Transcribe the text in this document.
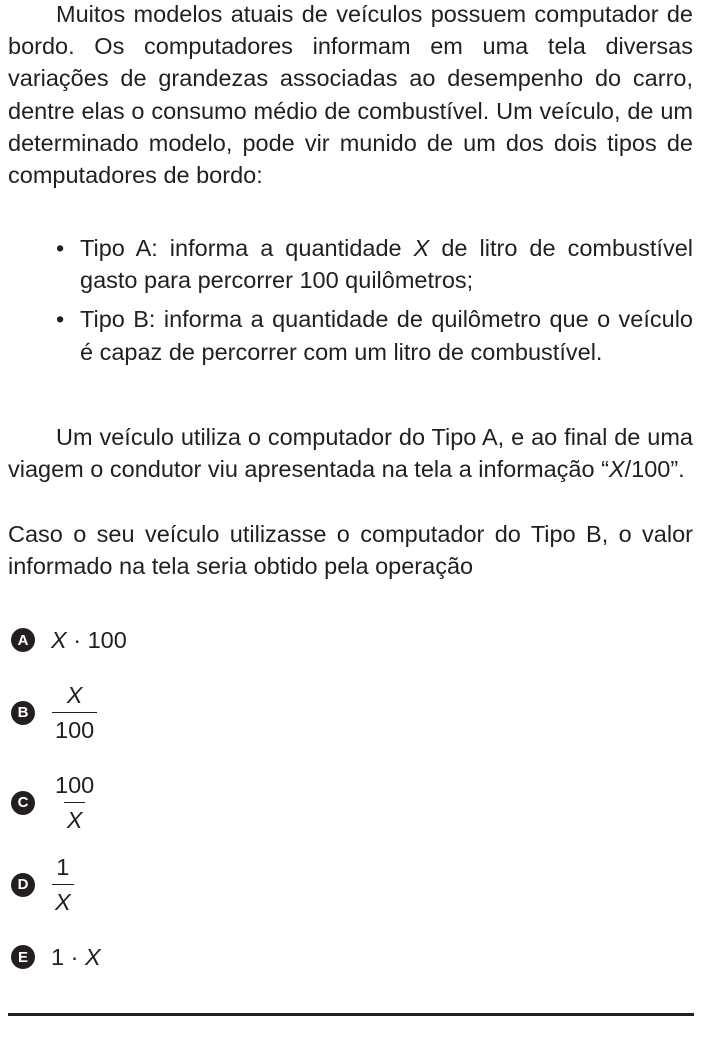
Muitos modelos atuais de veículos possuem computador de bordo. Os computadores informam em uma tela diversas variações de grandezas associadas ao desempenho do carro, dentre elas o consumo médio de combustível. Um veículo, de um determinado modelo, pode vir munido de um dos dois tipos de computadores de bordo:

• Tipo A: informa a quantidade X de litro de combustível gasto para percorrer 100 quilômetros;
• Tipo B: informa a quantidade de quilômetro que o veículo é capaz de percorrer com um litro de combustível.

Um veículo utiliza o computador do Tipo A, e ao final de uma viagem o condutor viu apresentada na tela a informação “X/100”.

Caso o seu veículo utilizasse o computador do Tipo B, o valor informado na tela seria obtido pela operação

A X · 100
B $\frac{X}{100}$
C $\frac{100}{X}$
D $\frac{1}{X}$
E 1 · X
